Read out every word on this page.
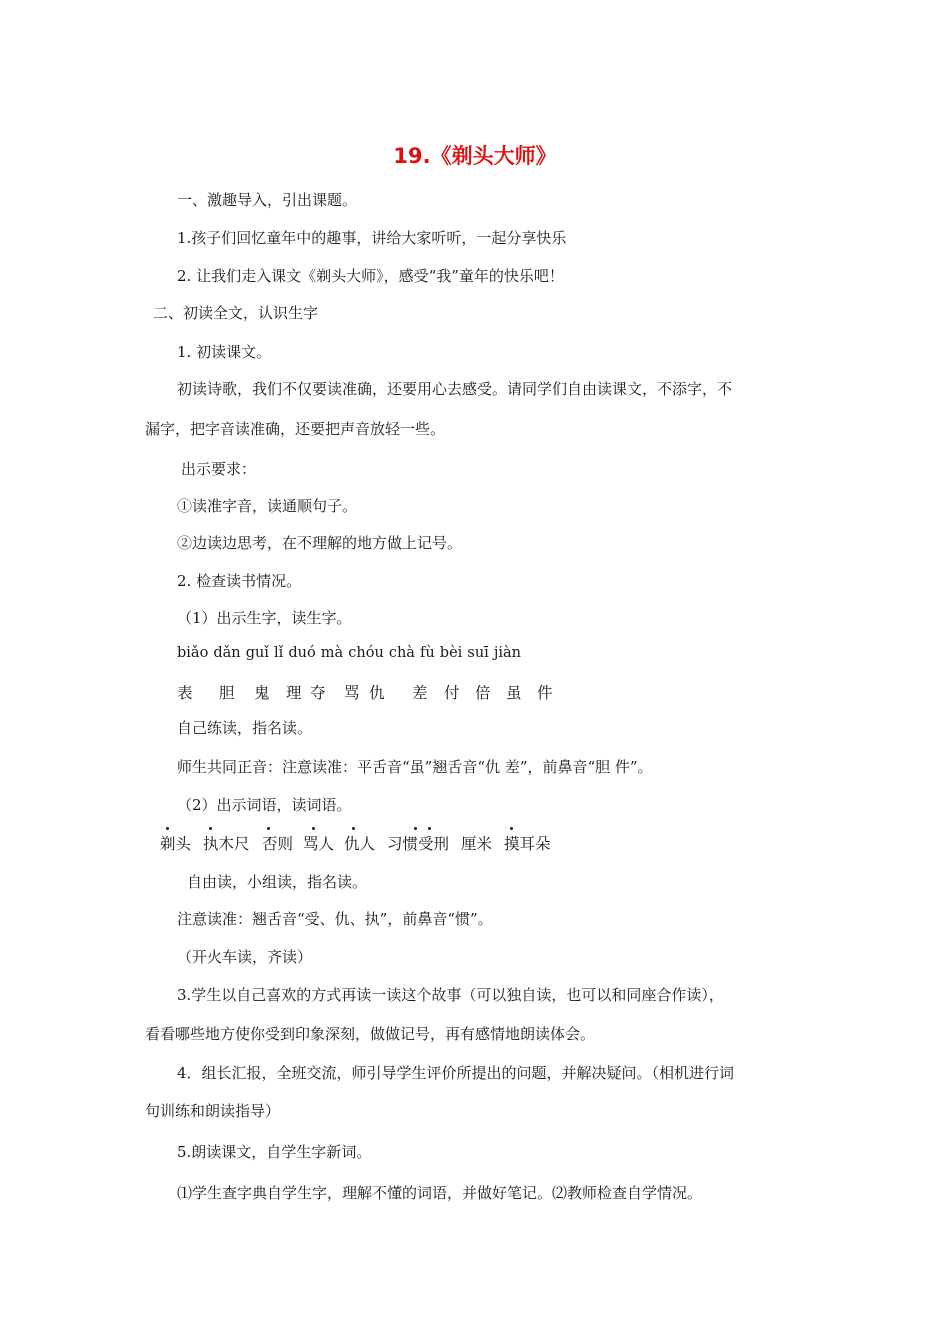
19.《剃头大师》
一、激趣导入，引出课题。
1.孩子们回忆童年中的趣事，讲给大家听听，一起分享快乐
2. 让我们走入课文《剃头大师》，感受“我”童年的快乐吧！
二、初读全文，认识生字
1. 初读课文。
初读诗歌，我们不仅要读准确，还要用心去感受。请同学们自由读课文，不添字，不
漏字，把字音读准确，还要把声音放轻一些。
出示要求：
①读准字音，读通顺句子。
②边读边思考，在不理解的地方做上记号。
2. 检查读书情况。
（1）出示生字，读生字。
biǎo dǎn guǐ lǐ duó mà chóu chà fù bèi suī jiàn
表 胆 鬼 理 夺 骂 仇 差 付 倍 虽 件
自己练读，指名读。
师生共同正音：注意读准：平舌音“虽”翘舌音“仇 差”，前鼻音“胆 件”。
（2）出示词语，读词语。
剃头 执木尺 否则 骂人 仇人 习惯受刑 厘米 摸耳朵
自由读，小组读，指名读。
注意读准：翘舌音“受、仇、执”，前鼻音“惯”。
（开火车读，齐读）
3.学生以自己喜欢的方式再读一读这个故事（可以独自读，也可以和同座合作读），
看看哪些地方使你受到印象深刻，做做记号，再有感情地朗读体会。
4．组长汇报，全班交流，师引导学生评价所提出的问题，并解决疑问。（相机进行词
句训练和朗读指导）
5.朗读课文，自学生字新词。
⑴学生查字典自学生字，理解不懂的词语，并做好笔记。⑵教师检查自学情况。
